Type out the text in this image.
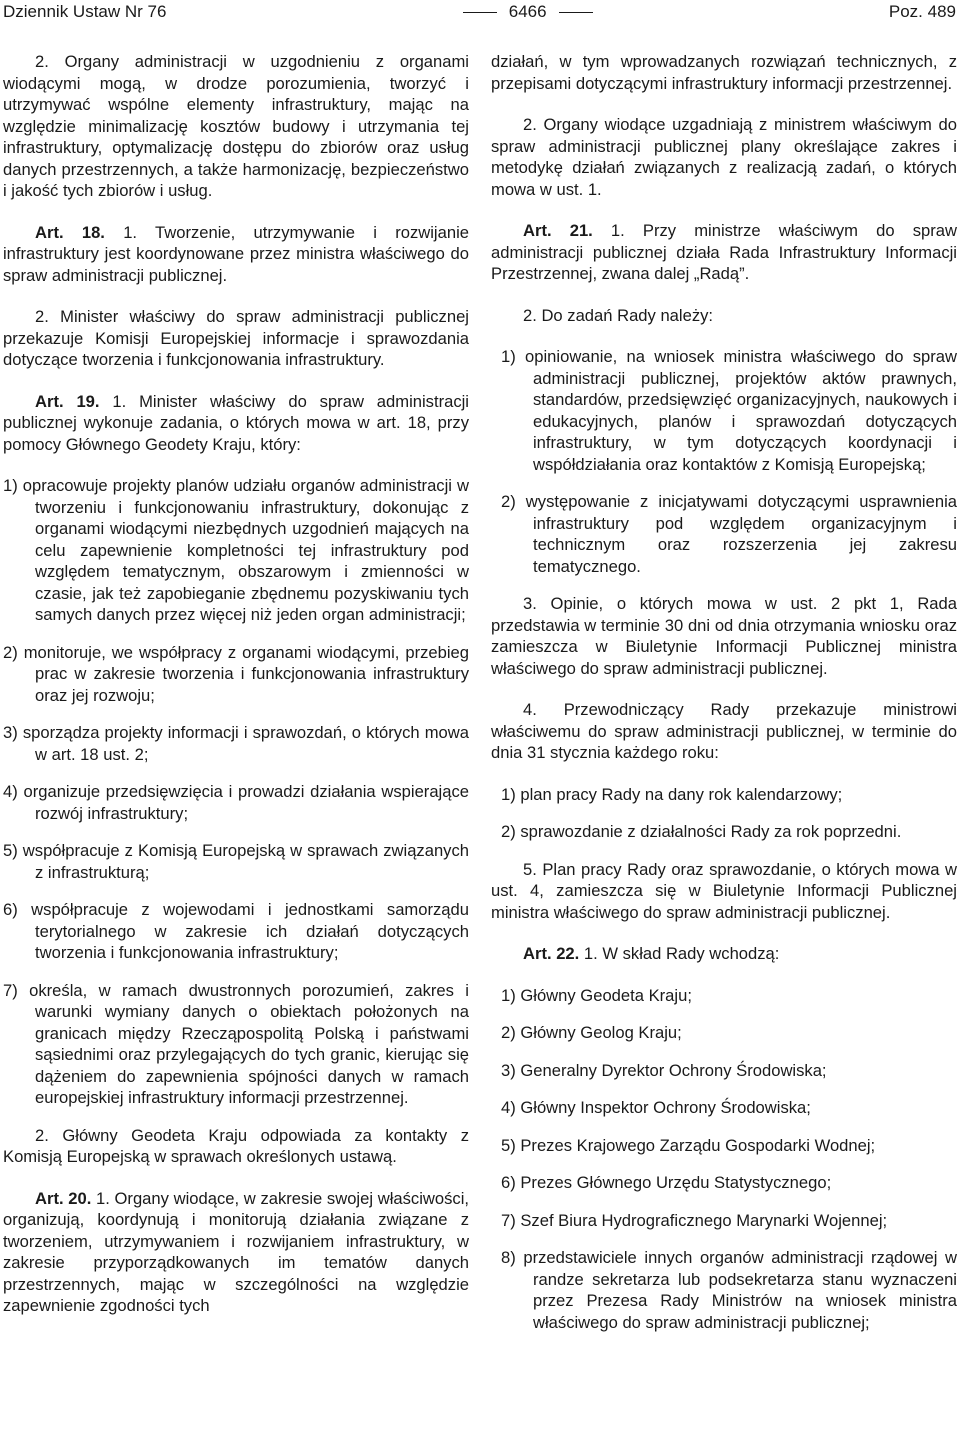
Dziennik Ustaw Nr 76	6466	Poz. 489

2. Organy administracji w uzgodnieniu z organami wiodącymi mogą, w drodze porozumienia, tworzyć i utrzymywać wspólne elementy infrastruktury, mając na względzie minimalizację kosztów budowy i utrzymania tej infrastruktury, optymalizację dostępu do zbiorów oraz usług danych przestrzennych, a także harmonizację, bezpieczeństwo i jakość tych zbiorów i usług.

Art. 18. 1. Tworzenie, utrzymywanie i rozwijanie infrastruktury jest koordynowane przez ministra właściwego do spraw administracji publicznej.

2. Minister właściwy do spraw administracji publicznej przekazuje Komisji Europejskiej informacje i sprawozdania dotyczące tworzenia i funkcjonowania infrastruktury.

Art. 19. 1. Minister właściwy do spraw administracji publicznej wykonuje zadania, o których mowa w art. 18, przy pomocy Głównego Geodety Kraju, który:

1) opracowuje projekty planów udziału organów administracji w tworzeniu i funkcjonowaniu infrastruktury, dokonując z organami wiodącymi niezbędnych uzgodnień mających na celu zapewnienie kompletności tej infrastruktury pod względem tematycznym, obszarowym i zmienności w czasie, jak też zapobieganie zbędnemu pozyskiwaniu tych samych danych przez więcej niż jeden organ administracji;
2) monitoruje, we współpracy z organami wiodącymi, przebieg prac w zakresie tworzenia i funkcjonowania infrastruktury oraz jej rozwoju;
3) sporządza projekty informacji i sprawozdań, o których mowa w art. 18 ust. 2;
4) organizuje przedsięwzięcia i prowadzi działania wspierające rozwój infrastruktury;
5) współpracuje z Komisją Europejską w sprawach związanych z infrastrukturą;
6) współpracuje z wojewodami i jednostkami samorządu terytorialnego w zakresie ich działań dotyczących tworzenia i funkcjonowania infrastruktury;
7) określa, w ramach dwustronnych porozumień, zakres i warunki wymiany danych o obiektach położonych na granicach między Rzecząpospolitą Polską i państwami sąsiednimi oraz przylegających do tych granic, kierując się dążeniem do zapewnienia spójności danych w ramach europejskiej infrastruktury informacji przestrzennej.

2. Główny Geodeta Kraju odpowiada za kontakty z Komisją Europejską w sprawach określonych ustawą.

Art. 20. 1. Organy wiodące, w zakresie swojej właściwości, organizują, koordynują i monitorują działania związane z tworzeniem, utrzymywaniem i rozwijaniem infrastruktury, w zakresie przyporządkowanych im tematów danych przestrzennych, mając w szczególności na względzie zapewnienie zgodności tych

działań, w tym wprowadzanych rozwiązań technicznych, z przepisami dotyczącymi infrastruktury informacji przestrzennej.

2. Organy wiodące uzgadniają z ministrem właściwym do spraw administracji publicznej plany określające zakres i metodykę działań związanych z realizacją zadań, o których mowa w ust. 1.

Art. 21. 1. Przy ministrze właściwym do spraw administracji publicznej działa Rada Infrastruktury Informacji Przestrzennej, zwana dalej „Radą”.

2. Do zadań Rady należy:

1) opiniowanie, na wniosek ministra właściwego do spraw administracji publicznej, projektów aktów prawnych, standardów, przedsięwzięć organizacyjnych, naukowych i edukacyjnych, planów i sprawozdań dotyczących infrastruktury, w tym dotyczących koordynacji i współdziałania oraz kontaktów z Komisją Europejską;
2) występowanie z inicjatywami dotyczącymi usprawnienia infrastruktury pod względem organizacyjnym i technicznym oraz rozszerzenia jej zakresu tematycznego.

3. Opinie, o których mowa w ust. 2 pkt 1, Rada przedstawia w terminie 30 dni od dnia otrzymania wniosku oraz zamieszcza w Biuletynie Informacji Publicznej ministra właściwego do spraw administracji publicznej.

4. Przewodniczący Rady przekazuje ministrowi właściwemu do spraw administracji publicznej, w terminie do dnia 31 stycznia każdego roku:

1) plan pracy Rady na dany rok kalendarzowy;
2) sprawozdanie z działalności Rady za rok poprzedni.

5. Plan pracy Rady oraz sprawozdanie, o których mowa w ust. 4, zamieszcza się w Biuletynie Informacji Publicznej ministra właściwego do spraw administracji publicznej.

Art. 22. 1. W skład Rady wchodzą:

1) Główny Geodeta Kraju;
2) Główny Geolog Kraju;
3) Generalny Dyrektor Ochrony Środowiska;
4) Główny Inspektor Ochrony Środowiska;
5) Prezes Krajowego Zarządu Gospodarki Wodnej;
6) Prezes Głównego Urzędu Statystycznego;
7) Szef Biura Hydrograficznego Marynarki Wojennej;
8) przedstawiciele innych organów administracji rządowej w randze sekretarza lub podsekretarza stanu wyznaczeni przez Prezesa Rady Ministrów na wniosek ministra właściwego do spraw administracji publicznej;
